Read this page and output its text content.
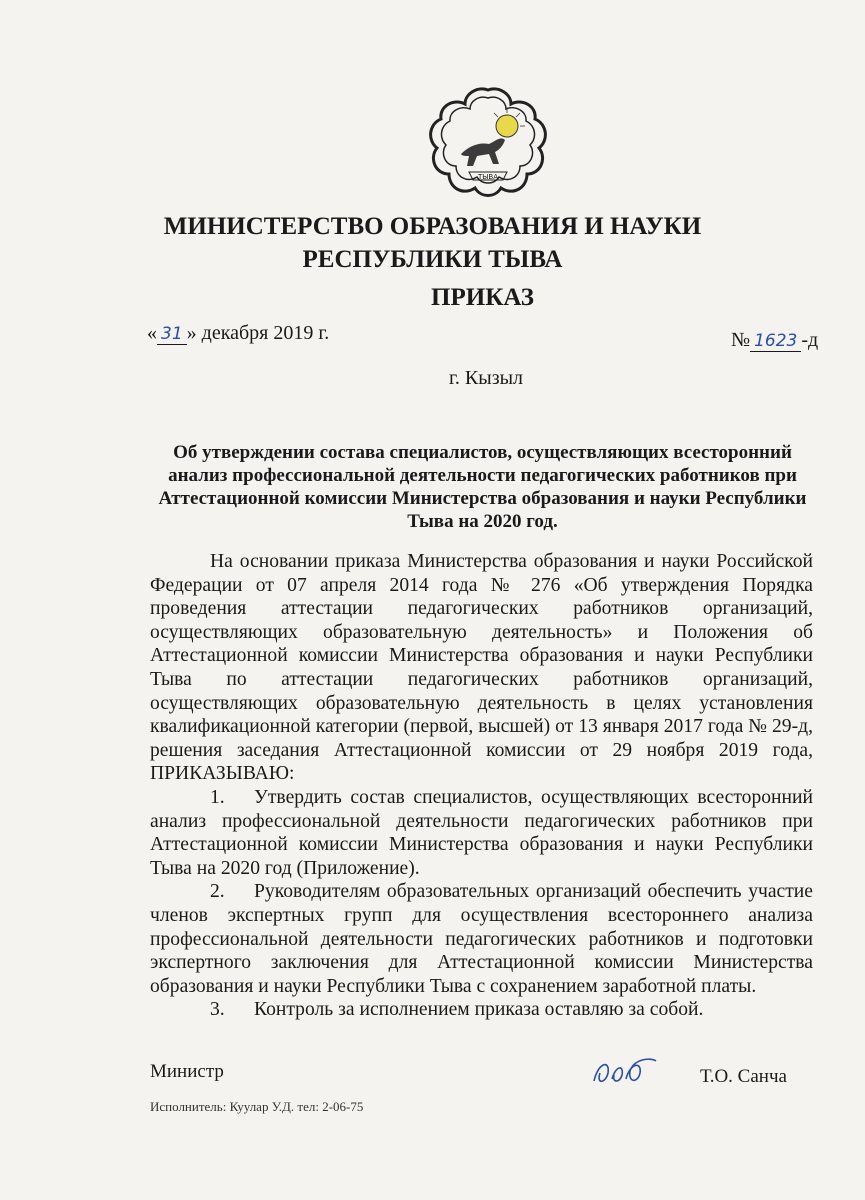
ТЫВА
МИНИСТЕРСТВО ОБРАЗОВАНИЯ И НАУКИ
РЕСПУБЛИКИ ТЫВА
ПРИКАЗ
« 31 » декабря 2019 г.	№ 1623 -д
г. Кызыл
Об утверждении состава специалистов, осуществляющих всесторонний анализ профессиональной деятельности педагогических работников при Аттестационной комиссии Министерства образования и науки Республики Тыва на 2020 год.

На основании приказа Министерства образования и науки Российской Федерации от 07 апреля 2014 года № 276 «Об утверждения Порядка проведения аттестации педагогических работников организаций, осуществляющих образовательную деятельность» и Положения об Аттестационной комиссии Министерства образования и науки Республики Тыва по аттестации педагогических работников организаций, осуществляющих образовательную деятельность в целях установления квалификационной категории (первой, высшей) от 13 января 2017 года № 29-д, решения заседания Аттестационной комиссии от 29 ноября 2019 года, ПРИКАЗЫВАЮ:

1. Утвердить состав специалистов, осуществляющих всесторонний анализ профессиональной деятельности педагогических работников при Аттестационной комиссии Министерства образования и науки Республики Тыва на 2020 год (Приложение).

2. Руководителям образовательных организаций обеспечить участие членов экспертных групп для осуществления всестороннего анализа профессиональной деятельности педагогических работников и подготовки экспертного заключения для Аттестационной комиссии Министерства образования и науки Республики Тыва с сохранением заработной платы.

3. Контроль за исполнением приказа оставляю за собой.

Министр	Т.О. Санча
Исполнитель: Куулар У.Д. тел: 2-06-75
